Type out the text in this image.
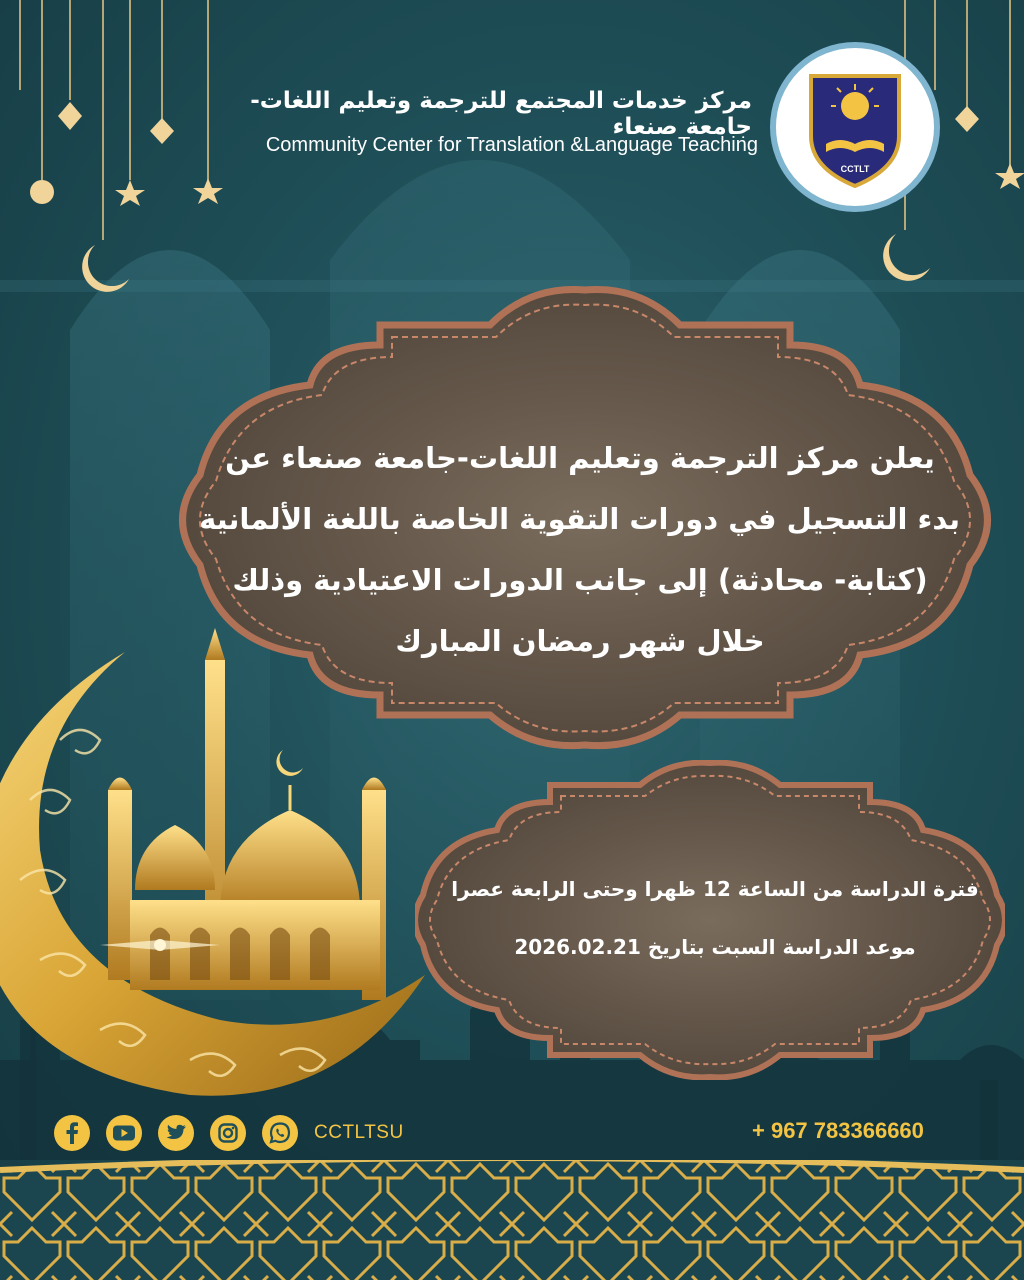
CCTLT
مركز خدمات المجتمع للترجمة وتعليم اللغات-جامعة صنعاء
Community Center for Translation &Language Teaching
يعلن مركز الترجمة وتعليم اللغات-جامعة صنعاء عن
بدء التسجيل في دورات التقوية الخاصة باللغة الألمانية
(كتابة- محادثة) إلى جانب الدورات الاعتيادية وذلك
خلال شهر رمضان المبارك
فترة الدراسة من الساعة 12 ظهرا وحتى الرابعة عصرا
موعد الدراسة السبت بتاريخ 2026.02.21
CCTLTSU	+ 967 783366660
